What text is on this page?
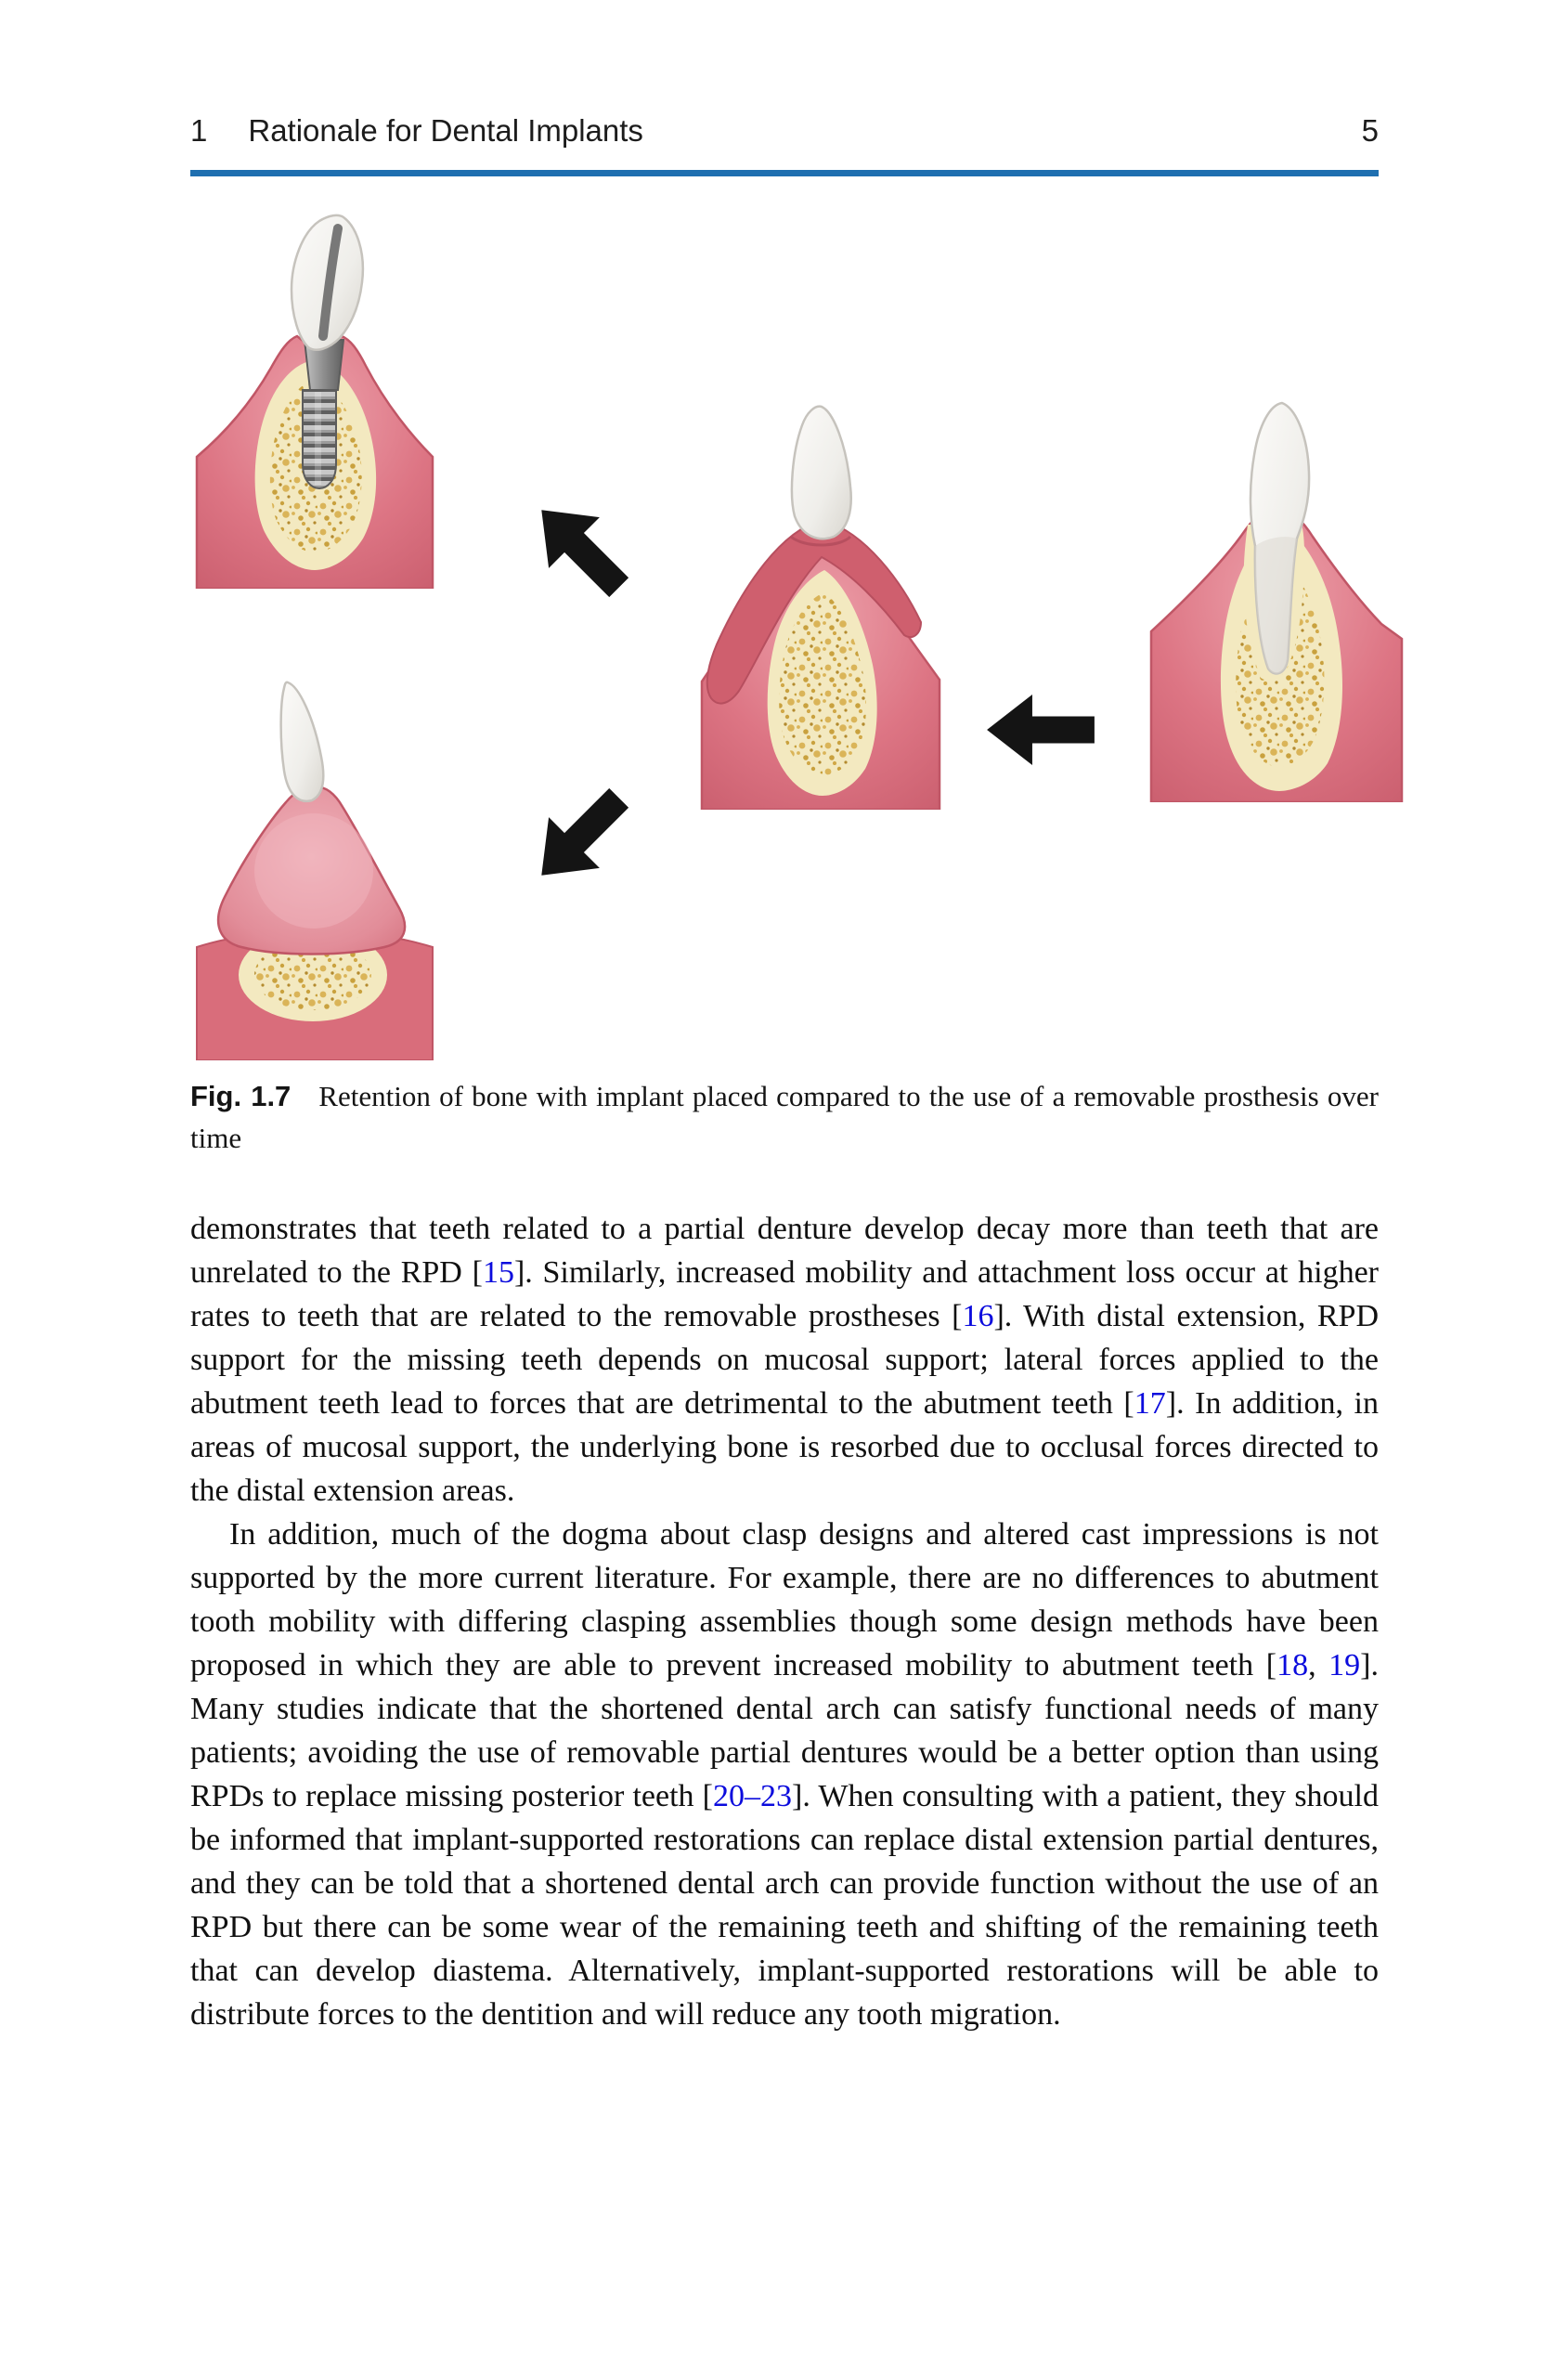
1 Rationale for Dental Implants	5
Fig. 1.7 Retention of bone with implant placed compared to the use of a removable prosthesis over time

demonstrates that teeth related to a partial denture develop decay more than teeth that are unrelated to the RPD [15]. Similarly, increased mobility and attachment loss occur at higher rates to teeth that are related to the removable prostheses [16]. With distal extension, RPD support for the missing teeth depends on mucosal support; lateral forces applied to the abutment teeth lead to forces that are detrimental to the abutment teeth [17]. In addition, in areas of mucosal support, the underlying bone is resorbed due to occlusal forces directed to the distal extension areas.

In addition, much of the dogma about clasp designs and altered cast impressions is not supported by the more current literature. For example, there are no differences to abutment tooth mobility with differing clasping assemblies though some design methods have been proposed in which they are able to prevent increased mobility to abutment teeth [18, 19]. Many studies indicate that the shortened dental arch can satisfy functional needs of many patients; avoiding the use of removable partial dentures would be a better option than using RPDs to replace missing posterior teeth [20–23]. When consulting with a patient, they should be informed that implant-supported restorations can replace distal extension partial dentures, and they can be told that a shortened dental arch can provide function without the use of an RPD but there can be some wear of the remaining teeth and shifting of the remaining teeth that can develop diastema. Alternatively, implant-supported restorations will be able to distribute forces to the dentition and will reduce any tooth migration.
